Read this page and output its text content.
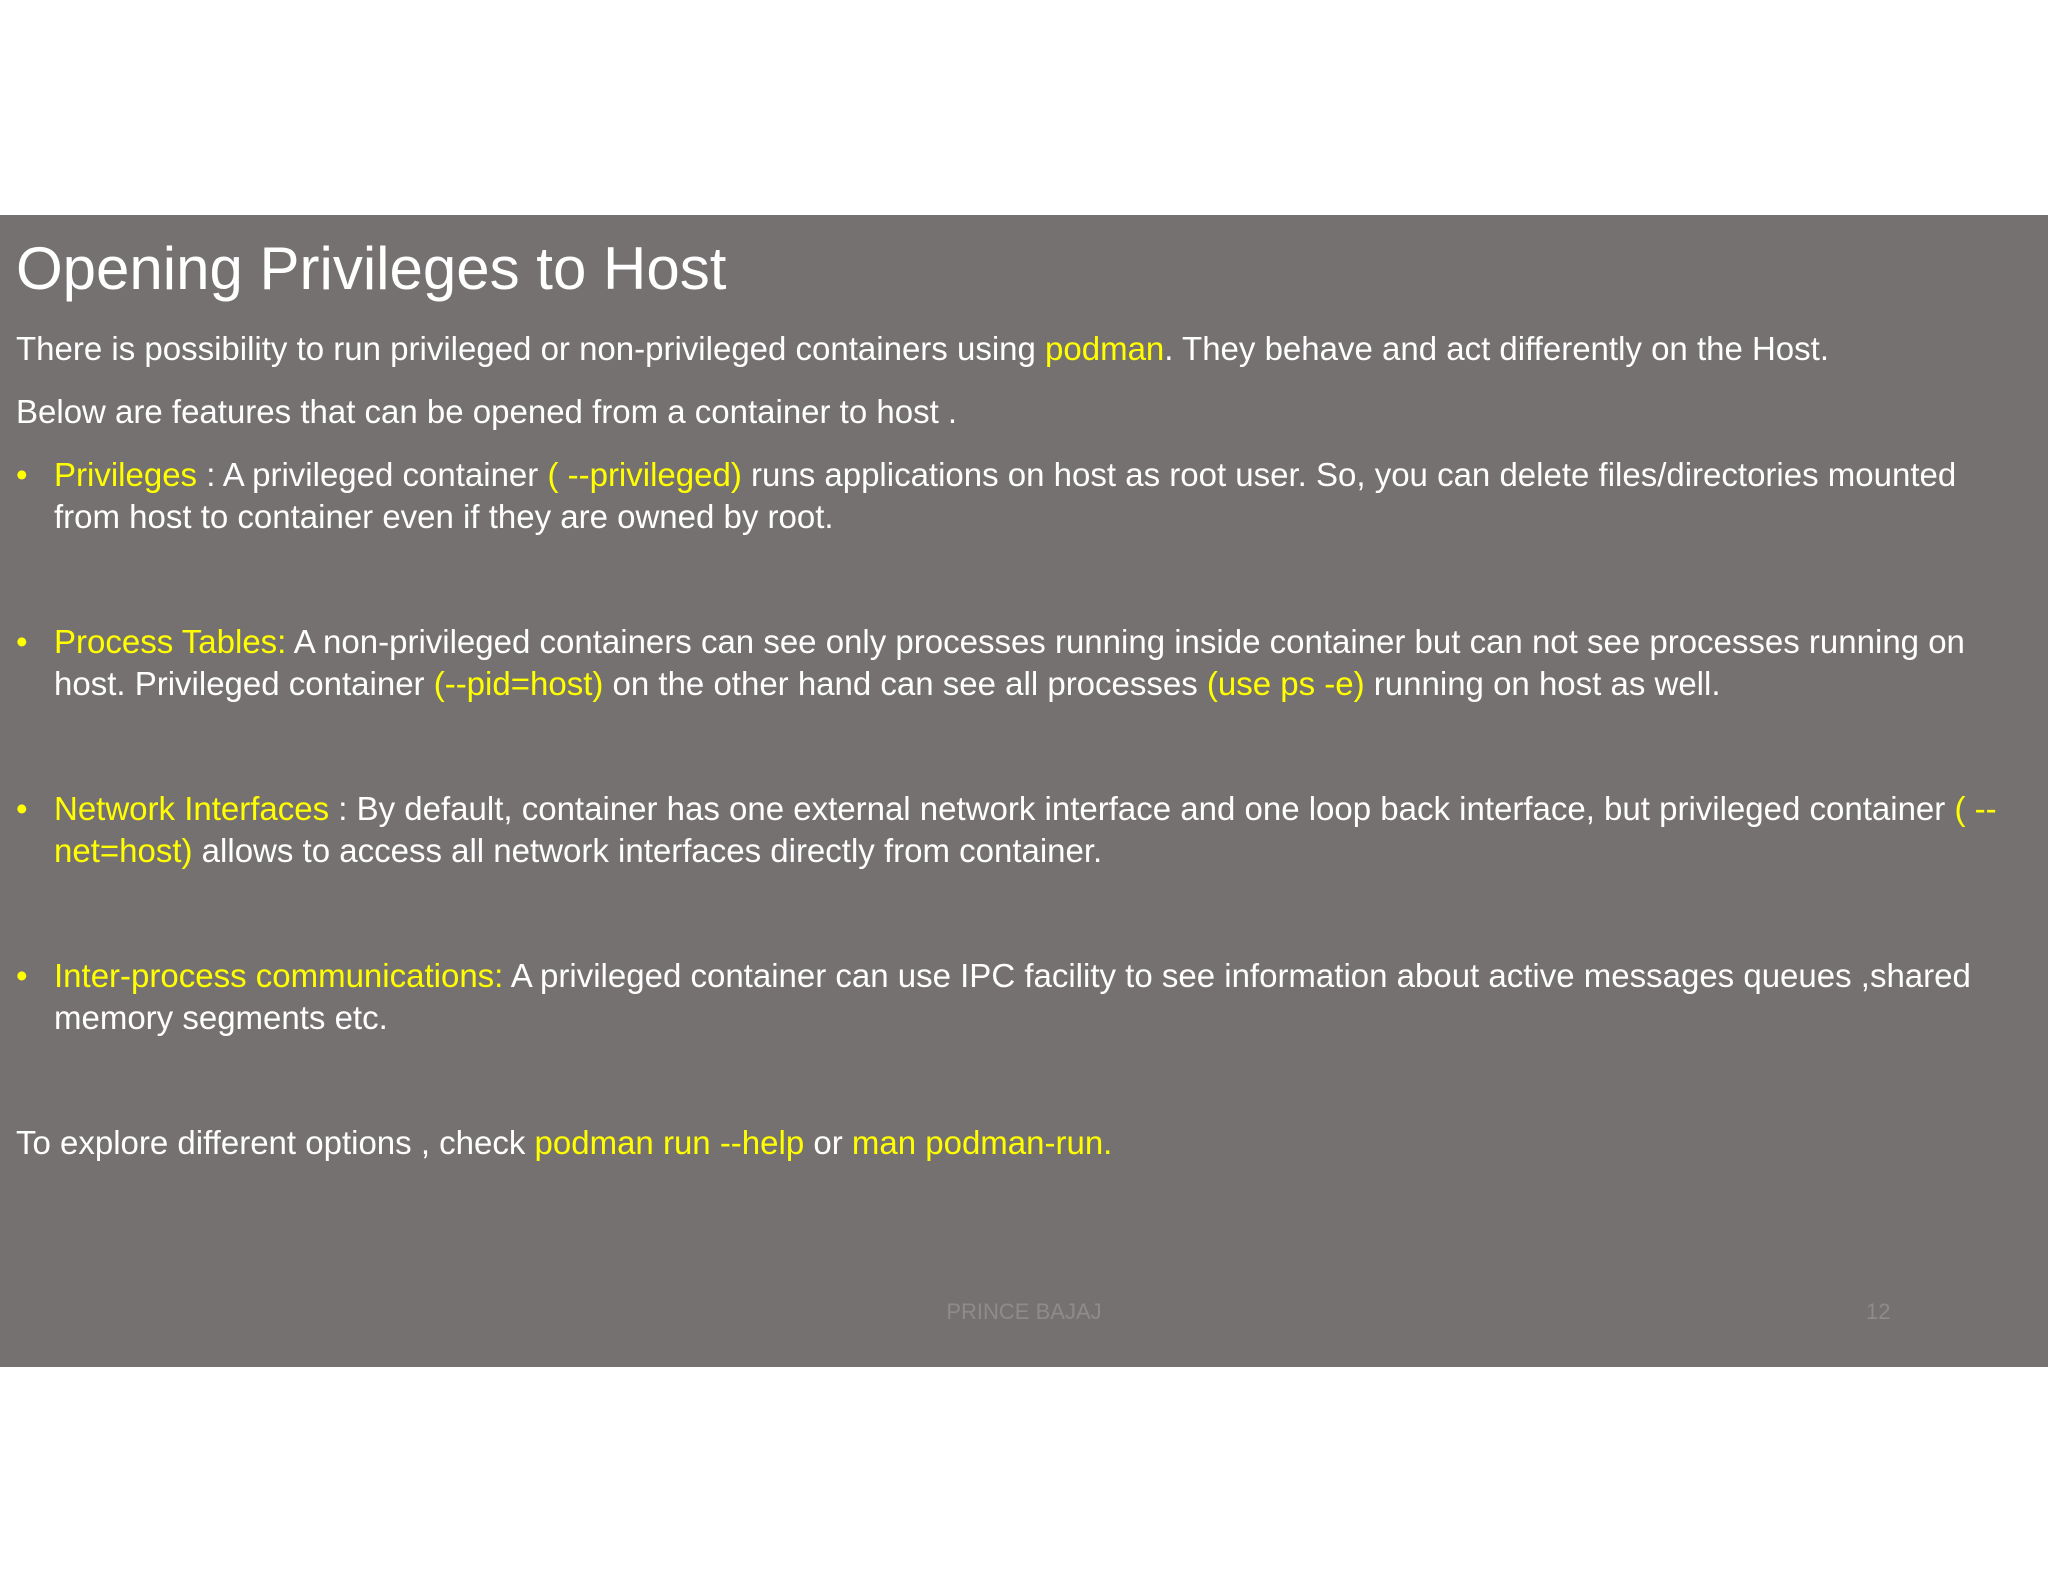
Opening Privileges to Host
There is possibility to run privileged or non-privileged containers using podman. They behave and act differently on the Host.
Below are features that can be opened from a container to host .
• Privileges : A privileged container ( --privileged) runs applications on host as root user. So, you can delete files/directories mounted from host to container even if they are owned by root.
• Process Tables: A non-privileged containers can see only processes running inside container but can not see processes running on host. Privileged container (--pid=host) on the other hand can see all processes (use ps -e) running on host as well.
• Network Interfaces : By default, container has one external network interface and one loop back interface, but privileged container ( --net=host) allows to access all network interfaces directly from container.
• Inter-process communications: A privileged container can use IPC facility to see information about active messages queues ,shared memory segments etc.
To explore different options , check podman run --help or man podman-run.
PRINCE BAJAJ	12
